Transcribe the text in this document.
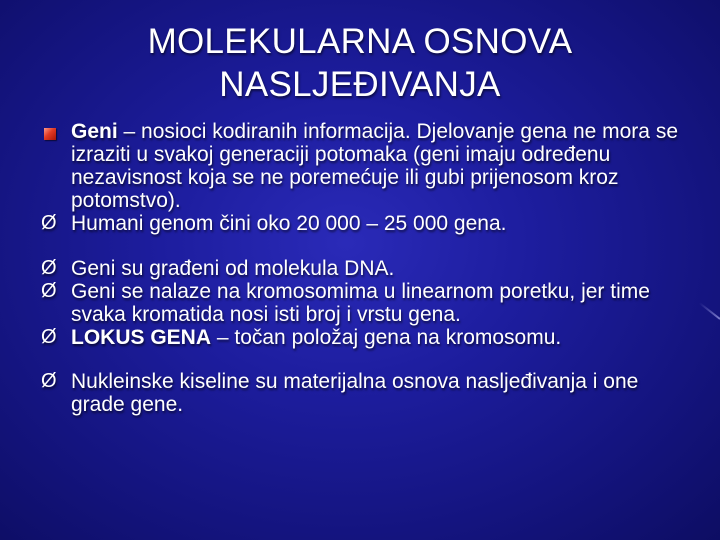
MOLEKULARNA OSNOVA
NASLJEĐIVANJA
Geni – nosioci kodiranih informacija. Djelovanje gena ne mora se izraziti u svakoj generaciji potomaka (geni imaju određenu nezavisnost koja se ne poremećuje ili gubi prijenosom kroz potomstvo).
Ø Humani genom čini oko 20 000 – 25 000 gena.
Ø Geni su građeni od molekula DNA.
Ø Geni se nalaze na kromosomima u linearnom poretku, jer time svaka kromatida nosi isti broj i vrstu gena.
Ø LOKUS GENA – točan položaj gena na kromosomu.
Ø Nukleinske kiseline su materijalna osnova nasljeđivanja i one grade gene.
